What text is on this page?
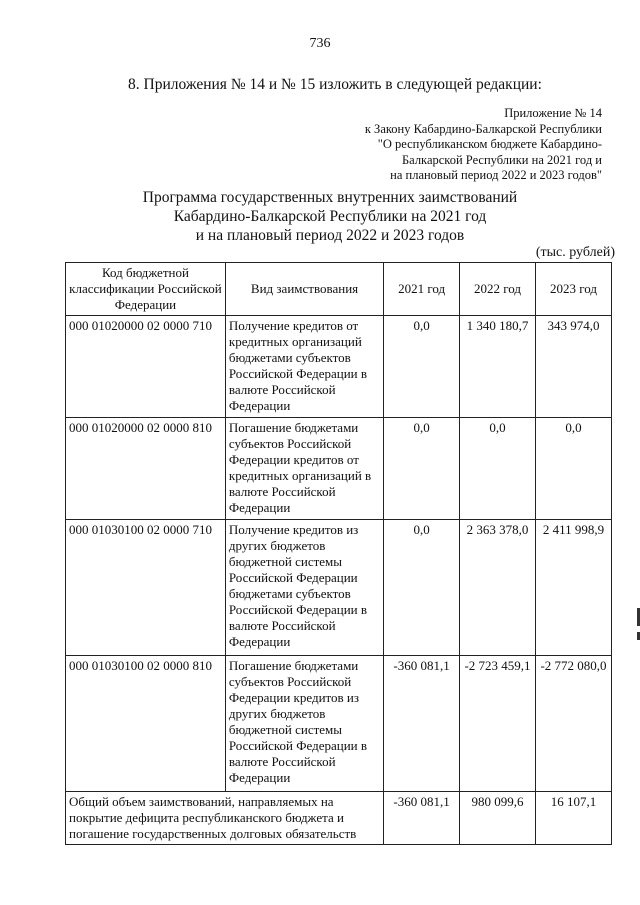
736
8. Приложения № 14 и № 15 изложить в следующей редакции:
Приложение № 14
к Закону Кабардино-Балкарской Республики
"О республиканском бюджете Кабардино-
Балкарской Республики на 2021 год и
на плановый период 2022 и 2023 годов"
Программа государственных внутренних заимствований
Кабардино-Балкарской Республики на 2021 год
и на плановый период 2022 и 2023 годов
(тыс. рублей)
Код бюджетной классификации Российской Федерации	Вид заимствования	2021 год	2022 год	2023 год
000 01020000 02 0000 710	Получение кредитов от кредитных организаций бюджетами субъектов Российской Федерации в валюте Российской Федерации	0,0	1 340 180,7	343 974,0
000 01020000 02 0000 810	Погашение бюджетами субъектов Российской Федерации кредитов от кредитных организаций в валюте Российской Федерации	0,0	0,0	0,0
000 01030100 02 0000 710	Получение кредитов из других бюджетов бюджетной системы Российской Федерации бюджетами субъектов Российской Федерации в валюте Российской Федерации	0,0	2 363 378,0	2 411 998,9
000 01030100 02 0000 810	Погашение бюджетами субъектов Российской Федерации кредитов из других бюджетов бюджетной системы Российской Федерации в валюте Российской Федерации	-360 081,1	-2 723 459,1	-2 772 080,0
Общий объем заимствований, направляемых на покрытие дефицита республиканского бюджета и погашение государственных долговых обязательств		-360 081,1	980 099,6	16 107,1
